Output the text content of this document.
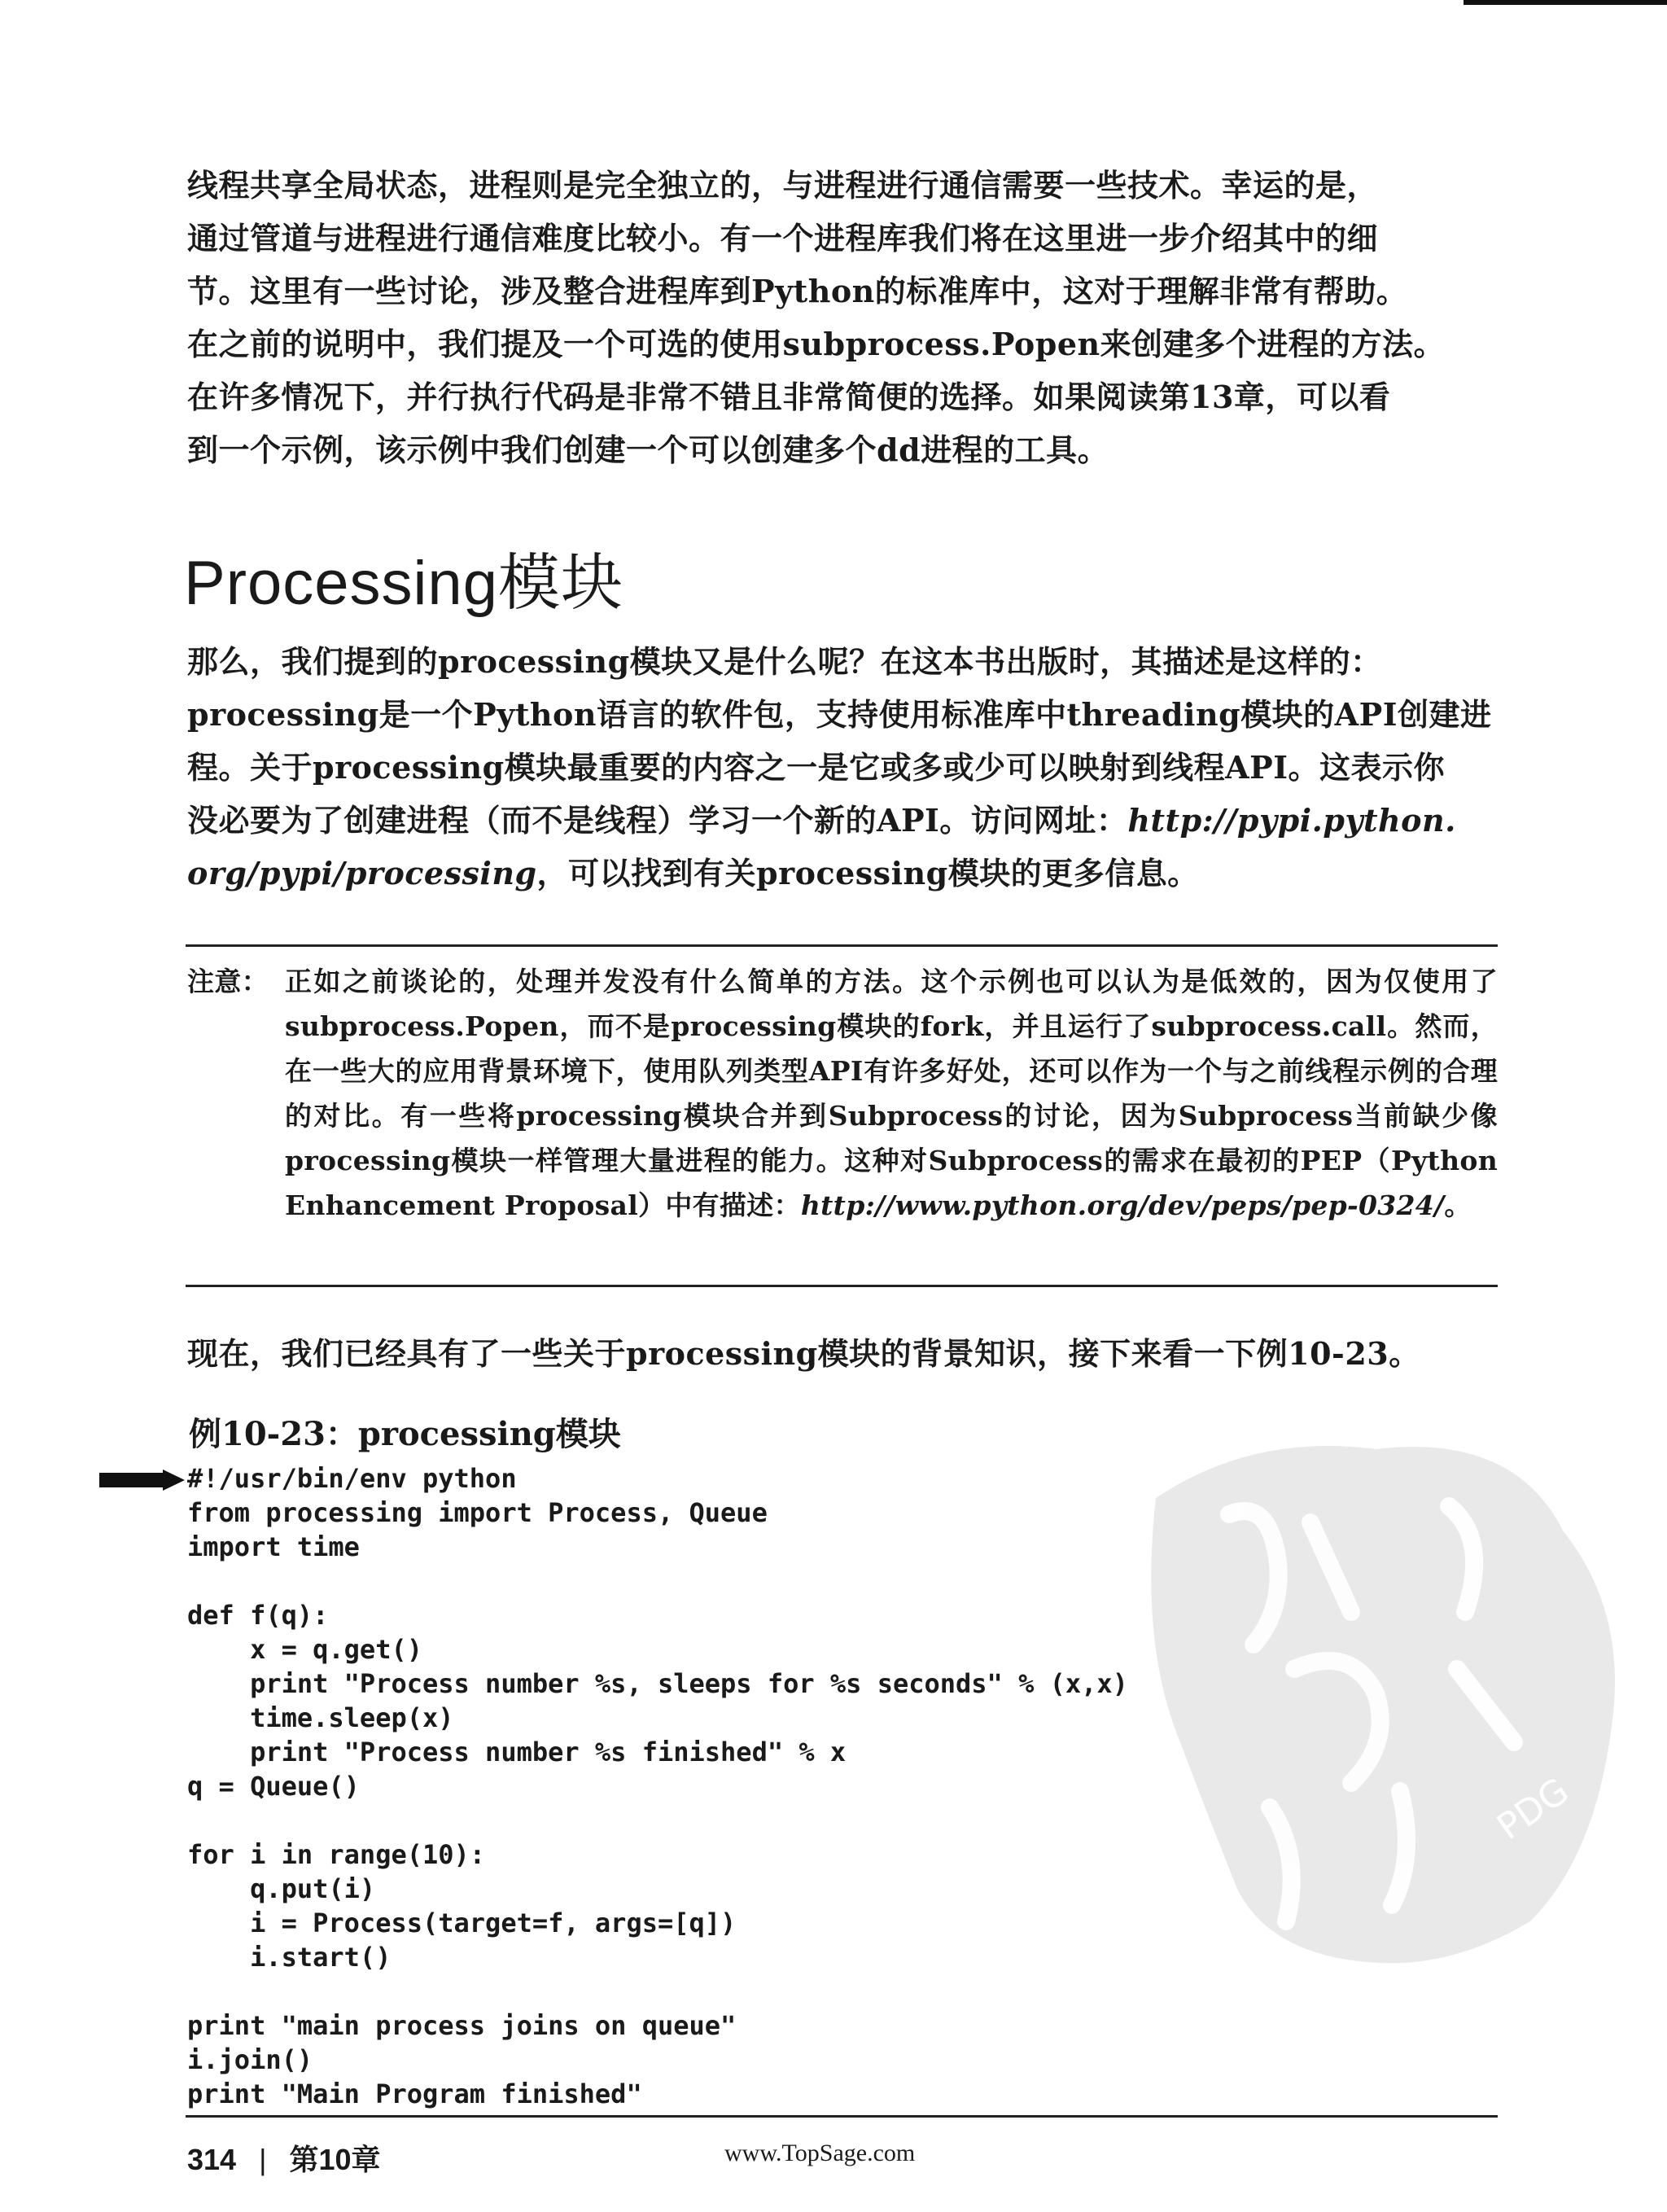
线程共享全局状态，进程则是完全独立的，与进程进行通信需要一些技术。幸运的是，

通过管道与进程进行通信难度比较小。有一个进程库我们将在这里进一步介绍其中的细

节。这里有一些讨论，涉及整合进程库到Python的标准库中，这对于理解非常有帮助。

在之前的说明中，我们提及一个可选的使用subprocess.Popen来创建多个进程的方法。

在许多情况下，并行执行代码是非常不错且非常简便的选择。如果阅读第13章，可以看

到一个示例，该示例中我们创建一个可以创建多个dd进程的工具。

Processing模块

那么，我们提到的processing模块又是什么呢？在这本书出版时，其描述是这样的：

processing是一个Python语言的软件包，支持使用标准库中threading模块的API创建进

程。关于processing模块最重要的内容之一是它或多或少可以映射到线程API。这表示你

没必要为了创建进程（而不是线程）学习一个新的API。访问网址：http://pypi.python.

org/pypi/processing，可以找到有关processing模块的更多信息。

注意： 正如之前谈论的，处理并发没有什么简单的方法。这个示例也可以认为是低效的，因为仅使用了subprocess.Popen，而不是processing模块的fork，并且运行了subprocess.call。然而，在一些大的应用背景环境下，使用队列类型API有许多好处，还可以作为一个与之前线程示例的合理的对比。有一些将processing模块合并到Subprocess的讨论，因为Subprocess当前缺少像processing模块一样管理大量进程的能力。这种对Subprocess的需求在最初的PEP（Python Enhancement Proposal）中有描述：http://www.python.org/dev/peps/pep-0324/。
现在，我们已经具有了一些关于processing模块的背景知识，接下来看一下例10-23。
例10-23：processing模块
#!/usr/bin/env python
from processing import Process, Queue
import time
def f(q):
x = q.get()
print "Process number %s, sleeps for %s seconds" % (x,x)
time.sleep(x)
print "Process number %s finished" % x
q = Queue()
for i in range(10):
q.put(i)
i = Process(target=f, args=[q])
i.start()
print "main process joins on queue"
i.join()
print "Main Program finished"
PDG
314 | 第10章	www.TopSage.com
